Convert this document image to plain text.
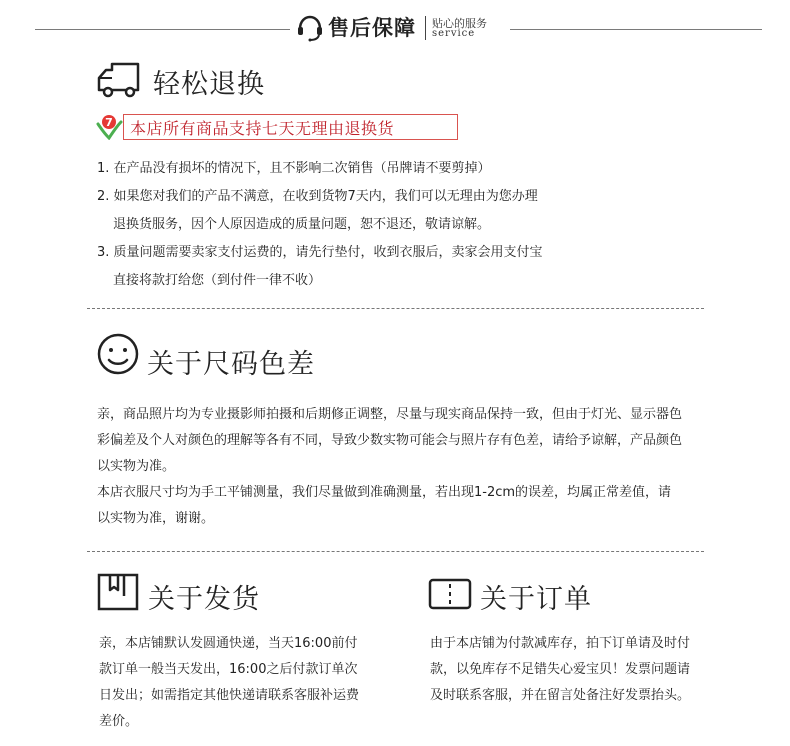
售后保障 贴心的服务
service
轻松退换
7 本店所有商品支持七天无理由退换货
1. 在产品没有损坏的情况下，且不影响二次销售（吊牌请不要剪掉）
2. 如果您对我们的产品不满意，在收到货物7天内，我们可以无理由为您办理
退换货服务，因个人原因造成的质量问题，恕不退还，敬请谅解。
3. 质量问题需要卖家支付运费的，请先行垫付，收到衣服后，卖家会用支付宝
直接将款打给您（到付件一律不收）
关于尺码色差
亲，商品照片均为专业摄影师拍摄和后期修正调整，尽量与现实商品保持一致，但由于灯光、显示器色
彩偏差及个人对颜色的理解等各有不同，导致少数实物可能会与照片存有色差，请给予谅解，产品颜色
以实物为准。
本店衣服尺寸均为手工平铺测量，我们尽量做到准确测量，若出现1-2cm的误差，均属正常差值，请
以实物为准，谢谢。
关于发货
亲，本店铺默认发圆通快递，当天16:00前付
款订单一般当天发出，16:00之后付款订单次
日发出；如需指定其他快递请联系客服补运费
差价。
关于订单
由于本店铺为付款减库存，拍下订单请及时付
款，以免库存不足错失心爱宝贝！发票问题请
及时联系客服，并在留言处备注好发票抬头。
